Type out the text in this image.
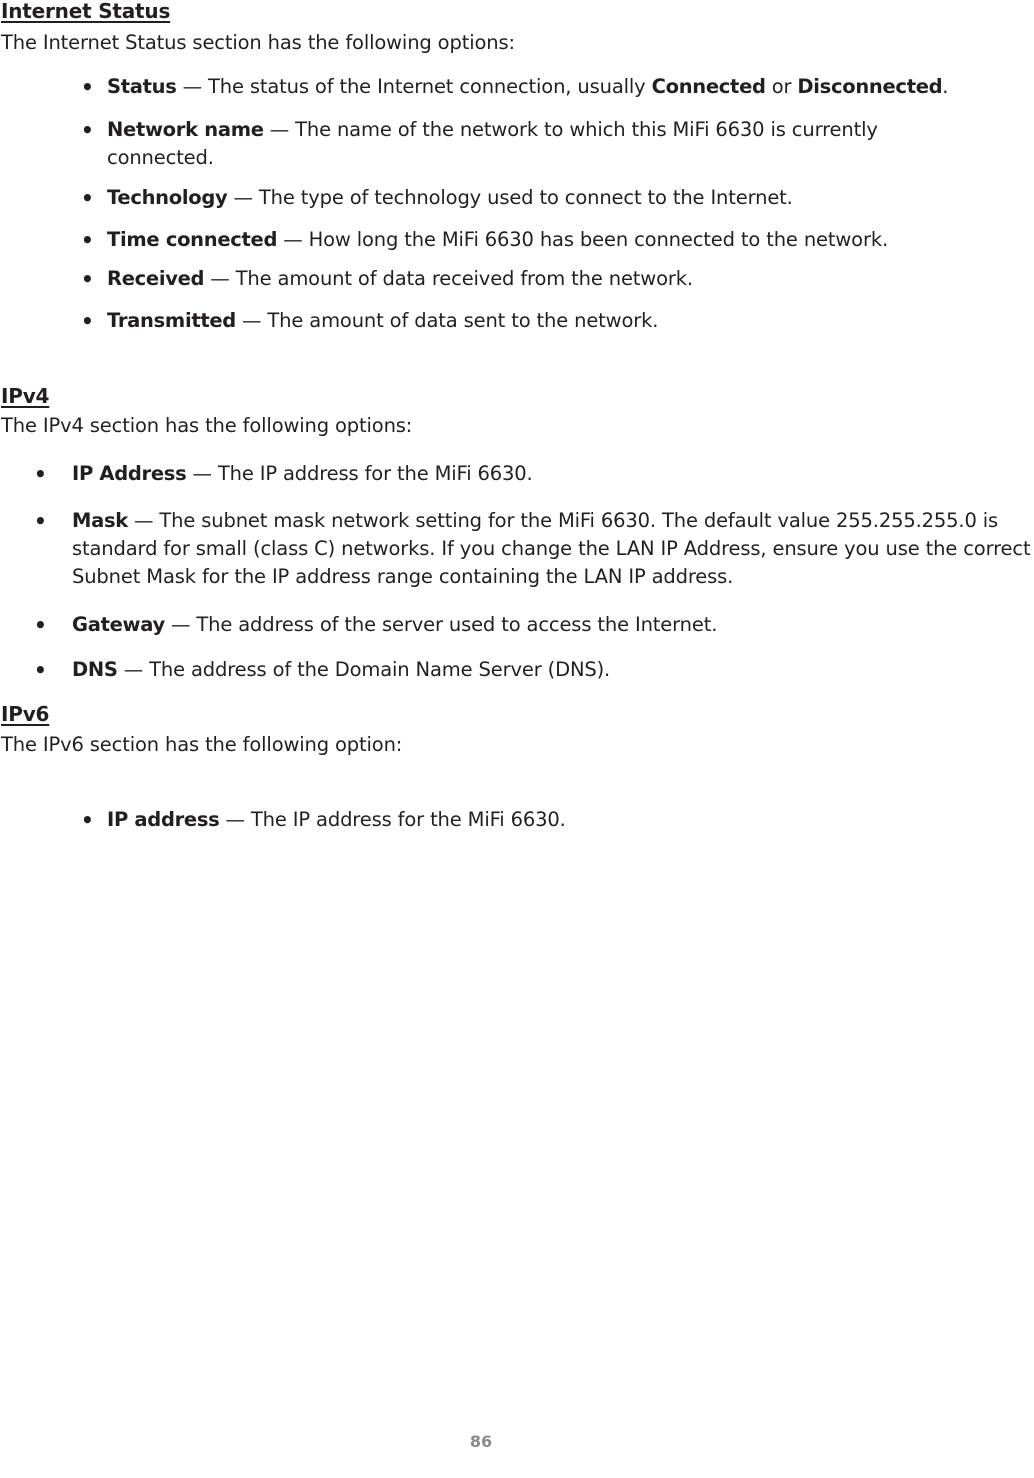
Internet Status

The Internet Status section has the following options:

• Status — The status of the Internet connection, usually Connected or Disconnected.

• Network name — The name of the network to which this MiFi 6630 is currently connected.

• Technology — The type of technology used to connect to the Internet.

• Time connected — How long the MiFi 6630 has been connected to the network.

• Received — The amount of data received from the network.

• Transmitted — The amount of data sent to the network.

IPv4

The IPv4 section has the following options:

• IP Address — The IP address for the MiFi 6630.

• Mask — The subnet mask network setting for the MiFi 6630. The default value 255.255.255.0 is standard for small (class C) networks. If you change the LAN IP Address, ensure you use the correct Subnet Mask for the IP address range containing the LAN IP address.

• Gateway — The address of the server used to access the Internet.

• DNS — The address of the Domain Name Server (DNS).

IPv6

The IPv6 section has the following option:

• IP address — The IP address for the MiFi 6630.

86
